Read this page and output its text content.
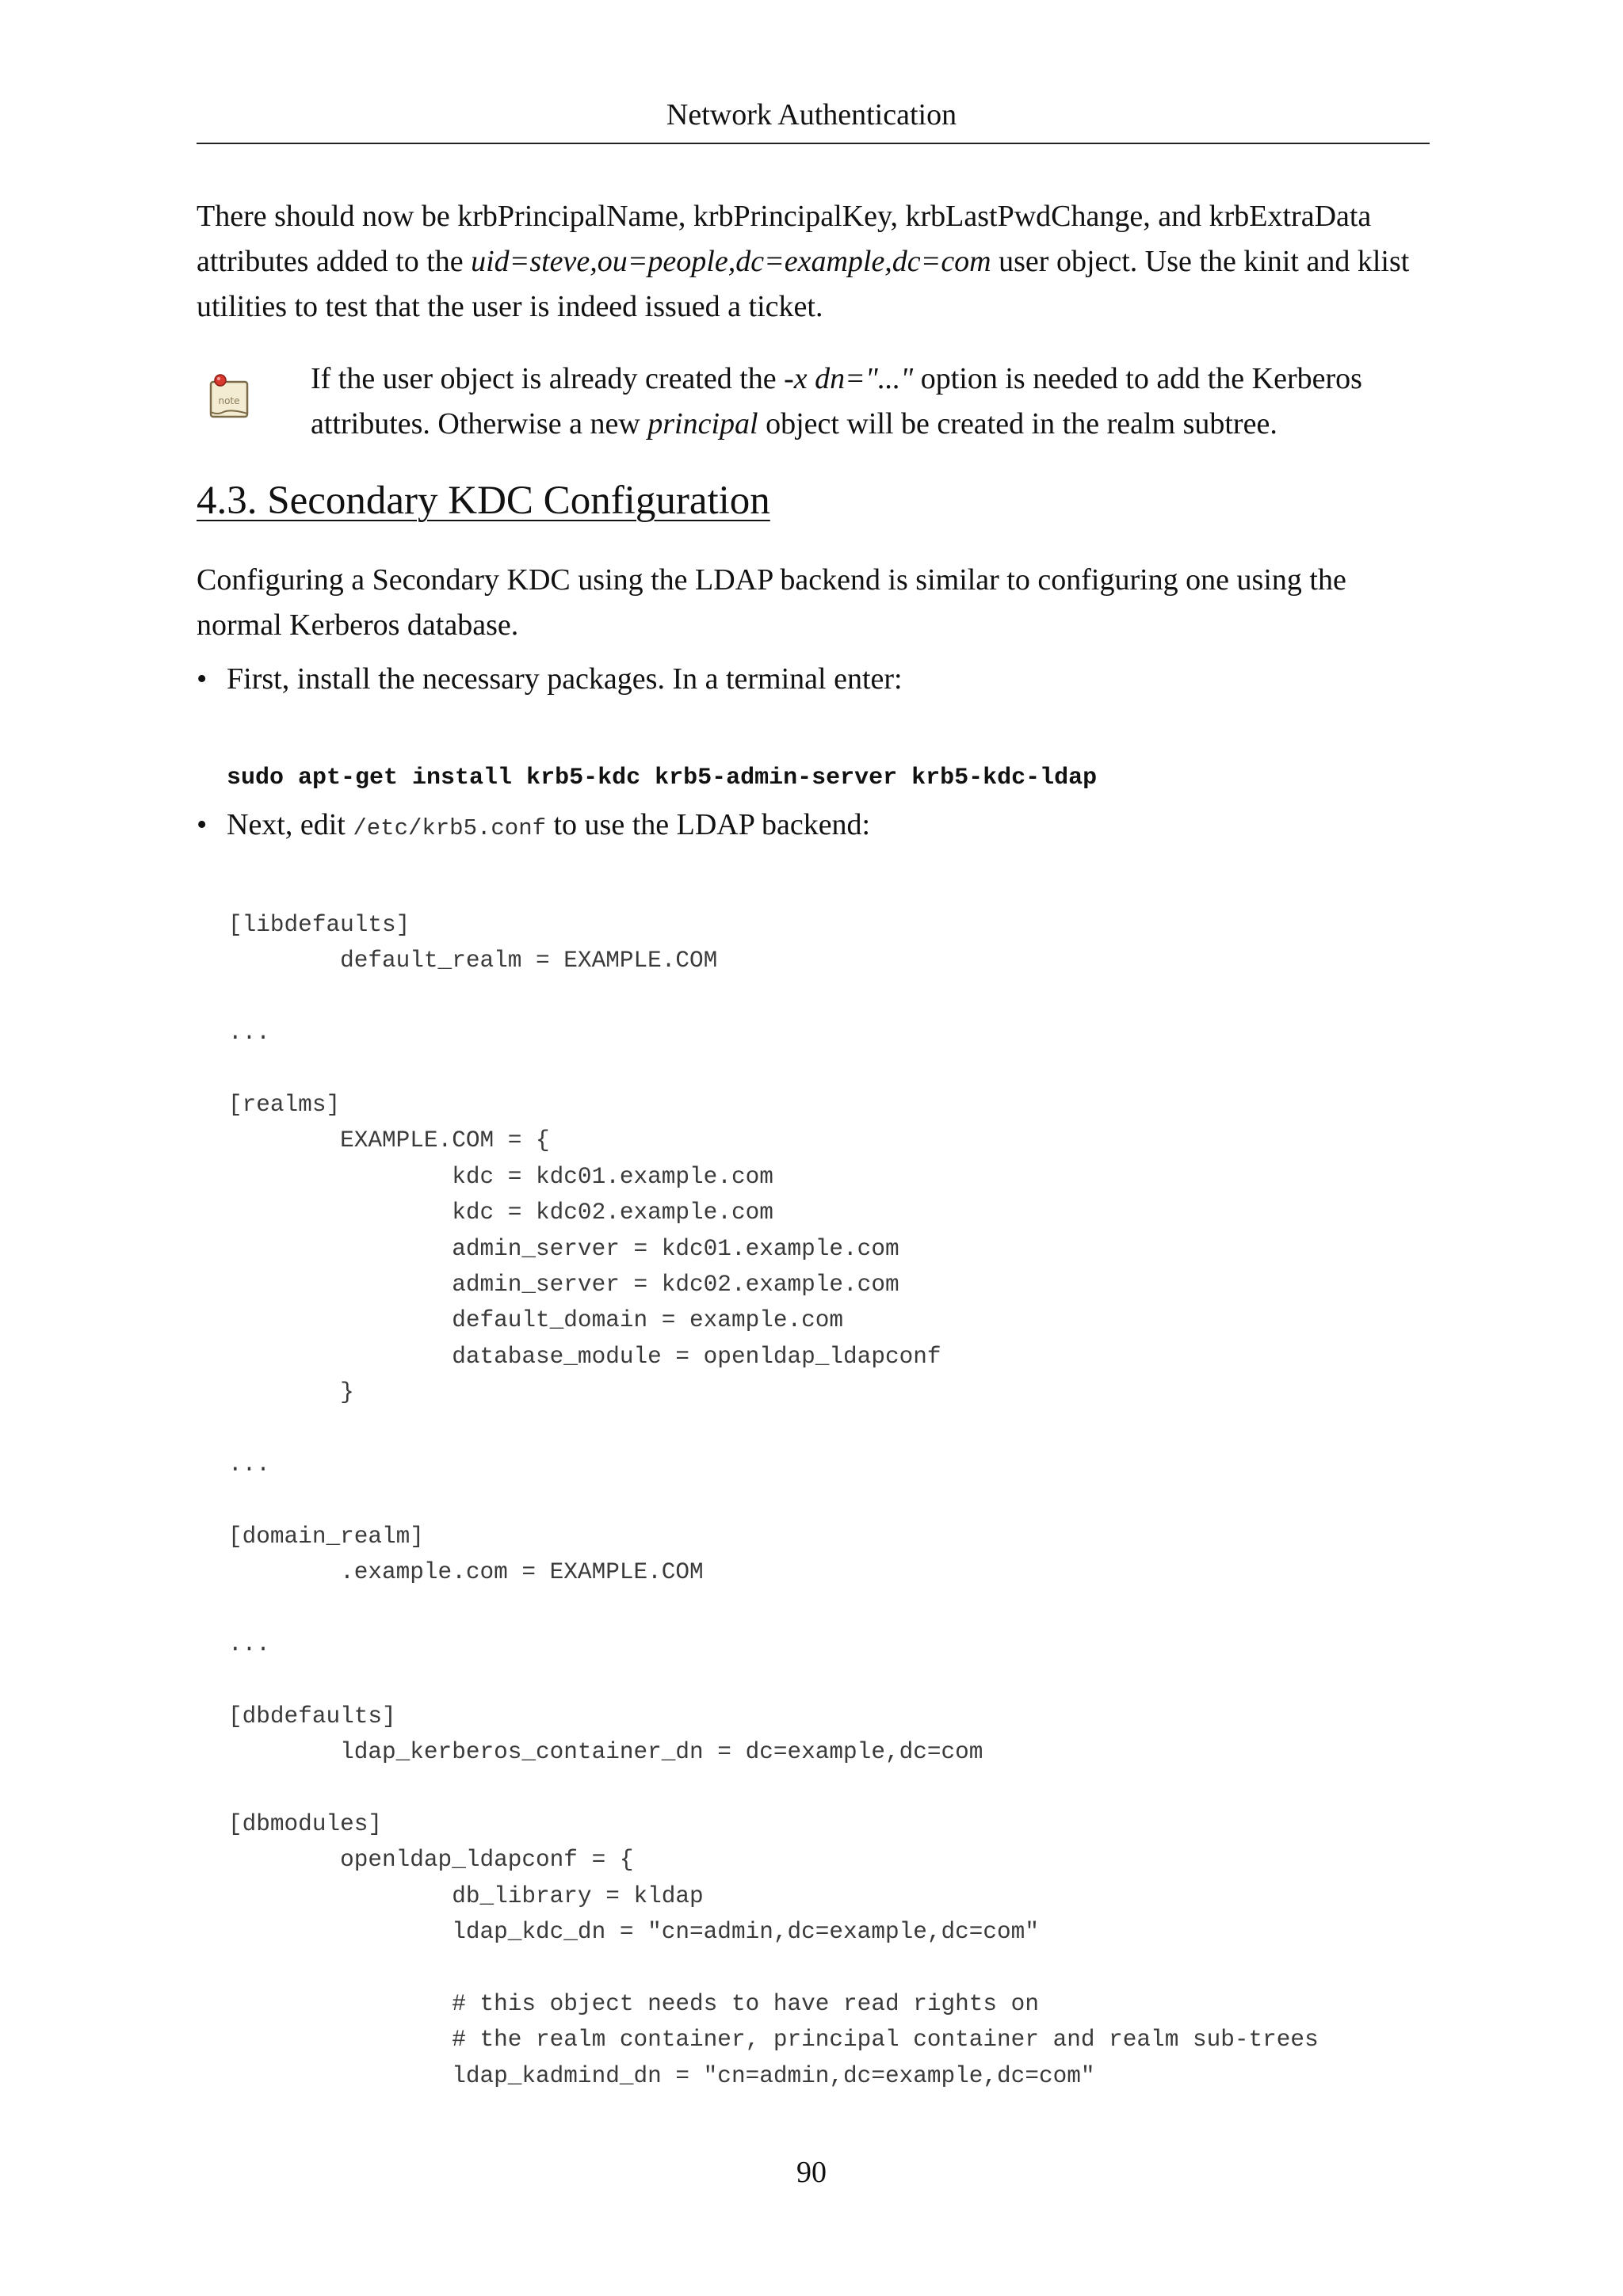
Network Authentication

There should now be krbPrincipalName, krbPrincipalKey, krbLastPwdChange, and krbExtraData attributes added to the uid=steve,ou=people,dc=example,dc=com user object. Use the kinit and klist utilities to test that the user is indeed issued a ticket.

note

If the user object is already created the -x dn="..." option is needed to add the Kerberos attributes. Otherwise a new principal object will be created in the realm subtree.

4.3. Secondary KDC Configuration

Configuring a Secondary KDC using the LDAP backend is similar to configuring one using the normal Kerberos database.

• First, install the necessary packages. In a terminal enter:

sudo apt-get install krb5-kdc krb5-admin-server krb5-kdc-ldap

• Next, edit /etc/krb5.conf to use the LDAP backend:

[libdefaults]
default_realm = EXAMPLE.COM
...
[realms]
EXAMPLE.COM = {
kdc = kdc01.example.com
kdc = kdc02.example.com
admin_server = kdc01.example.com
admin_server = kdc02.example.com
default_domain = example.com
database_module = openldap_ldapconf
}
...
[domain_realm]
.example.com = EXAMPLE.COM
...
[dbdefaults]
ldap_kerberos_container_dn = dc=example,dc=com
[dbmodules]
openldap_ldapconf = {
db_library = kldap
ldap_kdc_dn = "cn=admin,dc=example,dc=com"
# this object needs to have read rights on
# the realm container, principal container and realm sub-trees
ldap_kadmind_dn = "cn=admin,dc=example,dc=com"
90
